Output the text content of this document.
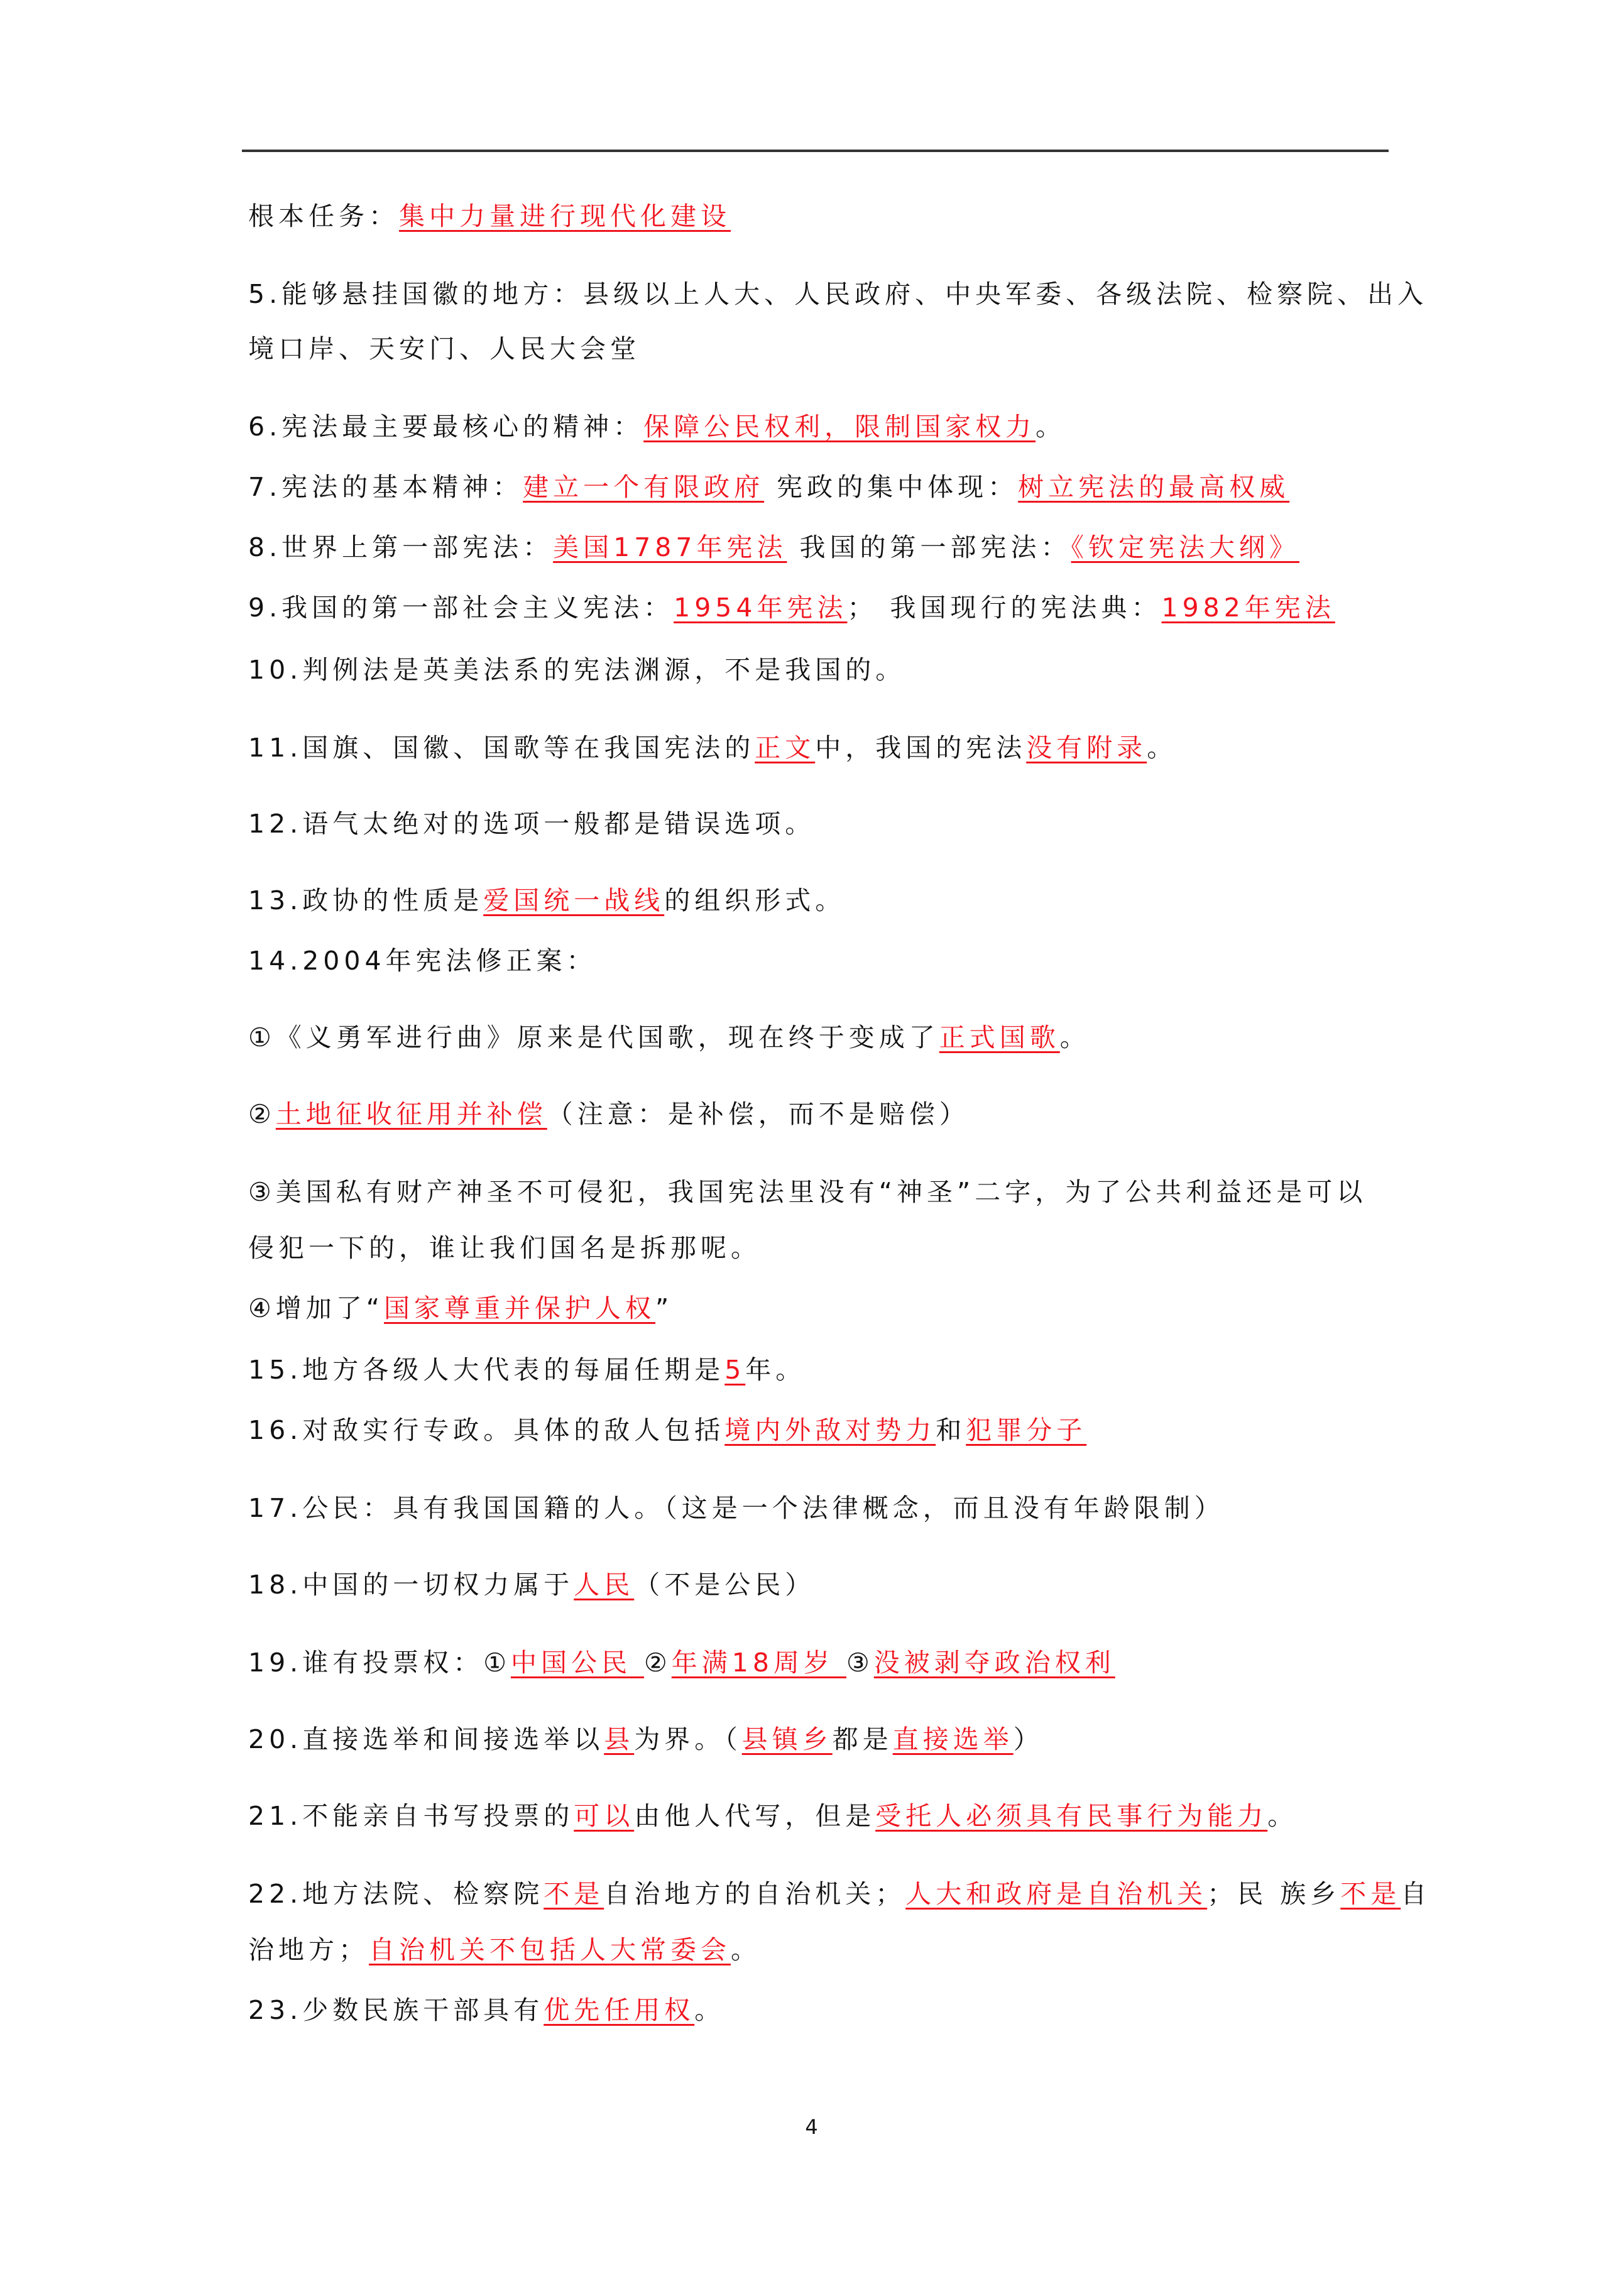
根本任务：集中力量进行现代化建设
5.能够悬挂国徽的地方：县级以上人大、人民政府、中央军委、各级法院、检察院、出入
境口岸、天安门、人民大会堂
6.宪法最主要最核心的精神：保障公民权利，限制国家权力。
7.宪法的基本精神：建立一个有限政府 宪政的集中体现：树立宪法的最高权威
8.世界上第一部宪法：美国1787年宪法 我国的第一部宪法：《钦定宪法大纲》
9.我国的第一部社会主义宪法：1954年宪法； 我国现行的宪法典：1982年宪法
10.判例法是英美法系的宪法渊源，不是我国的。
11.国旗、国徽、国歌等在我国宪法的正文中，我国的宪法没有附录。
12.语气太绝对的选项一般都是错误选项。
13.政协的性质是爱国统一战线的组织形式。
14.2004年宪法修正案：
①《义勇军进行曲》原来是代国歌，现在终于变成了正式国歌。
②土地征收征用并补偿（注意：是补偿，而不是赔偿）
③美国私有财产神圣不可侵犯，我国宪法里没有“神圣”二字，为了公共利益还是可以
侵犯一下的，谁让我们国名是拆那呢。
④增加了“国家尊重并保护人权”
15.地方各级人大代表的每届任期是5年。
16.对敌实行专政。具体的敌人包括境内外敌对势力和犯罪分子
17.公民：具有我国国籍的人。（这是一个法律概念，而且没有年龄限制）
18.中国的一切权力属于人民（不是公民）
19.谁有投票权：①中国公民 ②年满18周岁 ③没被剥夺政治权利
20.直接选举和间接选举以县为界。（县镇乡都是直接选举）
21.不能亲自书写投票的可以由他人代写，但是受托人必须具有民事行为能力。
22.地方法院、检察院不是自治地方的自治机关；人大和政府是自治机关；民 族乡不是自
治地方；自治机关不包括人大常委会。
23.少数民族干部具有优先任用权。
4
